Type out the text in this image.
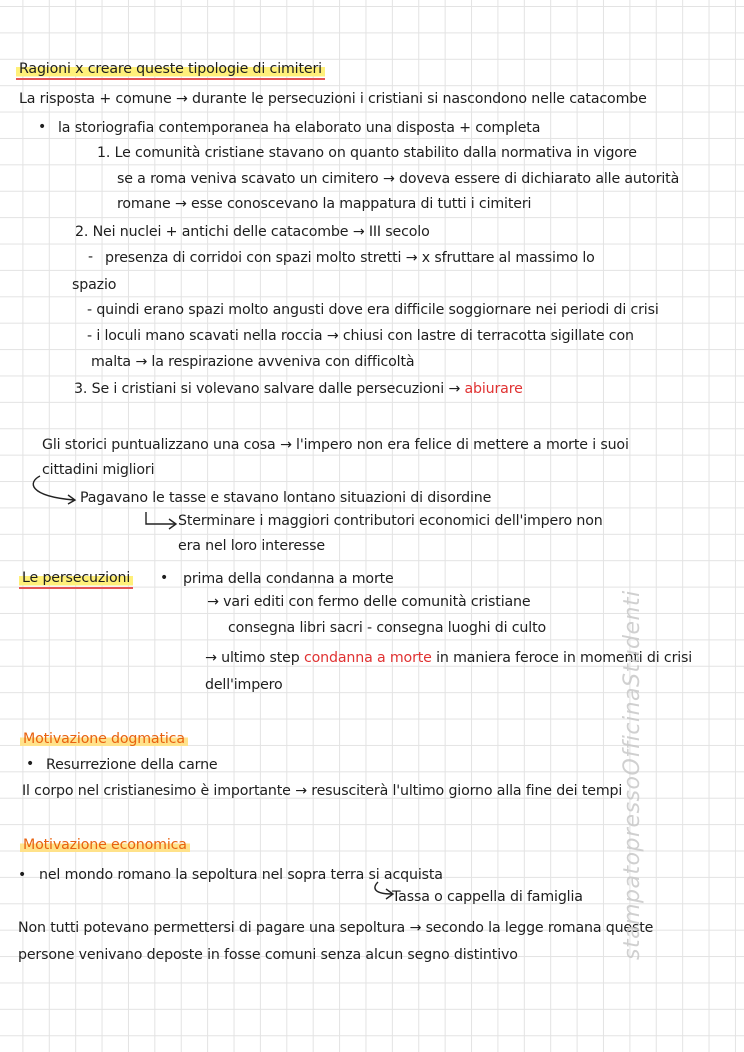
Ragioni x creare queste tipologie di cimiteri
La risposta + comune → durante le persecuzioni i cristiani si nascondono nelle catacombe
• la storiografia contemporanea ha elaborato una disposta + completa
1. Le comunità cristiane stavano on quanto stabilito dalla normativa in vigore
se a roma veniva scavato un cimitero → doveva essere di dichiarato alle autorità
romane → esse conoscevano la mappatura di tutti i cimiteri
2. Nei nuclei + antichi delle catacombe → III secolo
- presenza di corridoi con spazi molto stretti → x sfruttare al massimo lo
spazio
- quindi erano spazi molto angusti dove era difficile soggiornare nei periodi di crisi
- i loculi mano scavati nella roccia → chiusi con lastre di terracotta sigillate con
malta → la respirazione avveniva con difficoltà
3. Se i cristiani si volevano salvare dalle persecuzioni → abiurare
Gli storici puntualizzano una cosa → l'impero non era felice di mettere a morte i suoi
cittadini migliori
Pagavano le tasse e stavano lontano situazioni di disordine
Sterminare i maggiori contributori economici dell'impero non
era nel loro interesse
Le persecuzioni • prima della condanna a morte
→ vari editi con fermo delle comunità cristiane
consegna libri sacri - consegna luoghi di culto
→ ultimo step condanna a morte in maniera feroce in momenti di crisi
dell'impero
Motivazione dogmatica
• Resurrezione della carne
Il corpo nel cristianesimo è importante → resusciterà l'ultimo giorno alla fine dei tempi
Motivazione economica
• nel mondo romano la sepoltura nel sopra terra si acquista
Tassa o cappella di famiglia
Non tutti potevano permettersi di pagare una sepoltura → secondo la legge romana queste
persone venivano deposte in fosse comuni senza alcun segno distintivo	stampatopressoOfficinaStudenti
